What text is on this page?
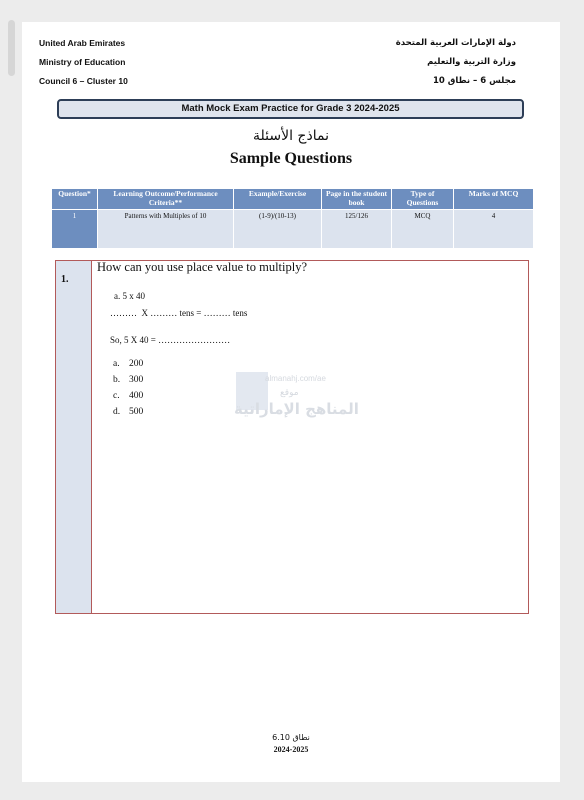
United Arab Emirates
Ministry of Education
Council 6 – Cluster 10
دولة الإمارات العربية المتحدة
وزارة التربية والتعليم
مجلس 6 – نطاق 10
Math Mock Exam Practice for Grade 3 2024-2025
نماذج الأسئلة
Sample Questions
Question*	Learning Outcome/Performance Criteria**	Example/Exercise	Page in the student book	Type of Questions	Marks of MCQ
1	Patterns with Multiples of 10	(1-9)/(10-13)	125/126	MCQ	4
1.
How can you use place value to multiply?
a. 5 x 40
………  X ……… tens = ……… tens
So, 5 X 40 = ……………………
a. 200
b. 300
c. 400
d. 500
almanahj.com/ae
موقع
المناهج الإماراتية
نطاق 6.10
2024-2025
